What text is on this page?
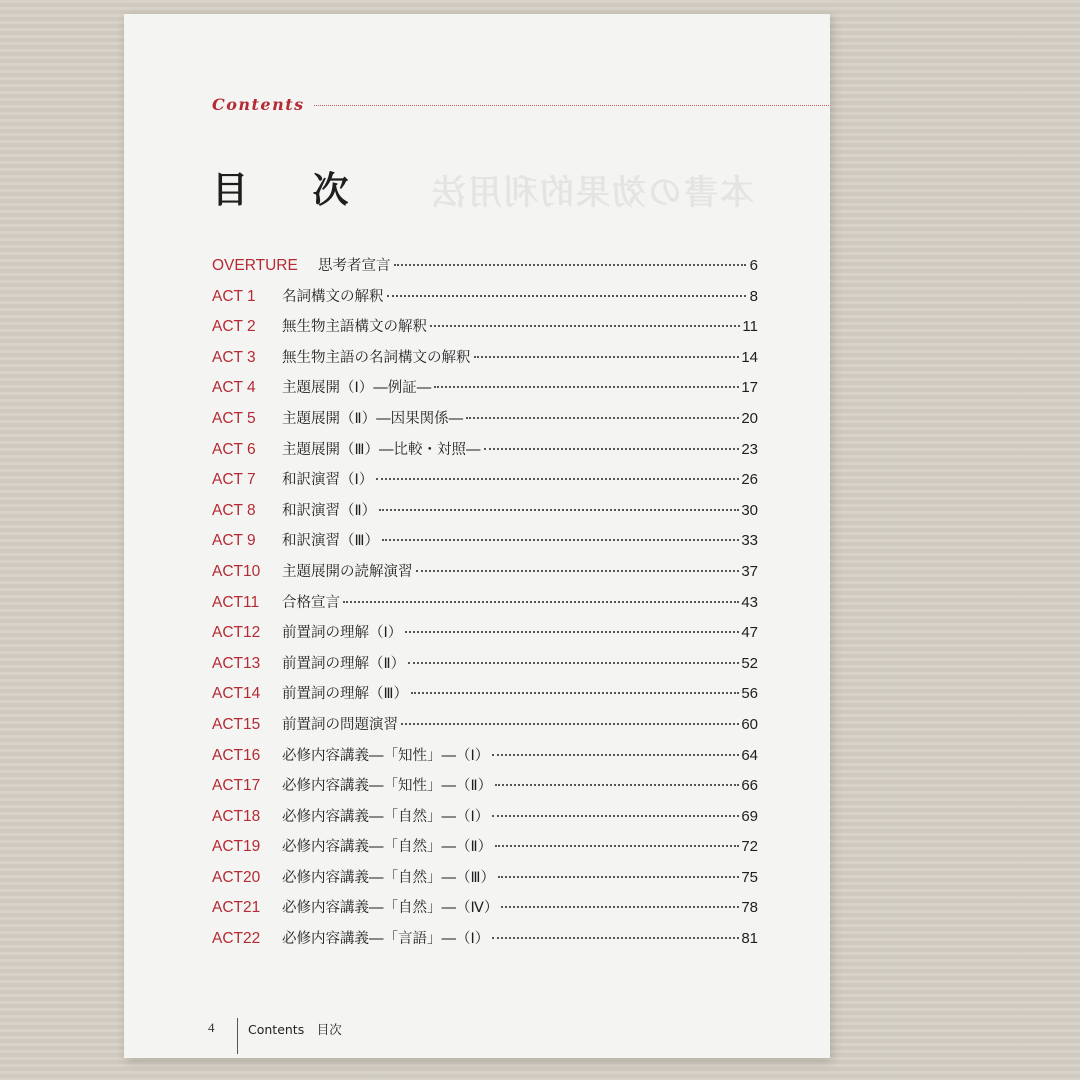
本書の効果的利用法
Contents
目 次
OVERTURE	思考者宣言	6
ACT 1	名詞構文の解釈	8
ACT 2	無生物主語構文の解釈	11
ACT 3	無生物主語の名詞構文の解釈	14
ACT 4	主題展開（Ⅰ）―例証―	17
ACT 5	主題展開（Ⅱ）―因果関係―	20
ACT 6	主題展開（Ⅲ）―比較・対照―	23
ACT 7	和訳演習（Ⅰ）	26
ACT 8	和訳演習（Ⅱ）	30
ACT 9	和訳演習（Ⅲ）	33
ACT10	主題展開の読解演習	37
ACT11	合格宣言	43
ACT12	前置詞の理解（Ⅰ）	47
ACT13	前置詞の理解（Ⅱ）	52
ACT14	前置詞の理解（Ⅲ）	56
ACT15	前置詞の問題演習	60
ACT16	必修内容講義―「知性」―（Ⅰ）	64
ACT17	必修内容講義―「知性」―（Ⅱ）	66
ACT18	必修内容講義―「自然」―（Ⅰ）	69
ACT19	必修内容講義―「自然」―（Ⅱ）	72
ACT20	必修内容講義―「自然」―（Ⅲ）	75
ACT21	必修内容講義―「自然」―（Ⅳ）	78
ACT22	必修内容講義―「言語」―（Ⅰ）	81
4	Contents　目次
